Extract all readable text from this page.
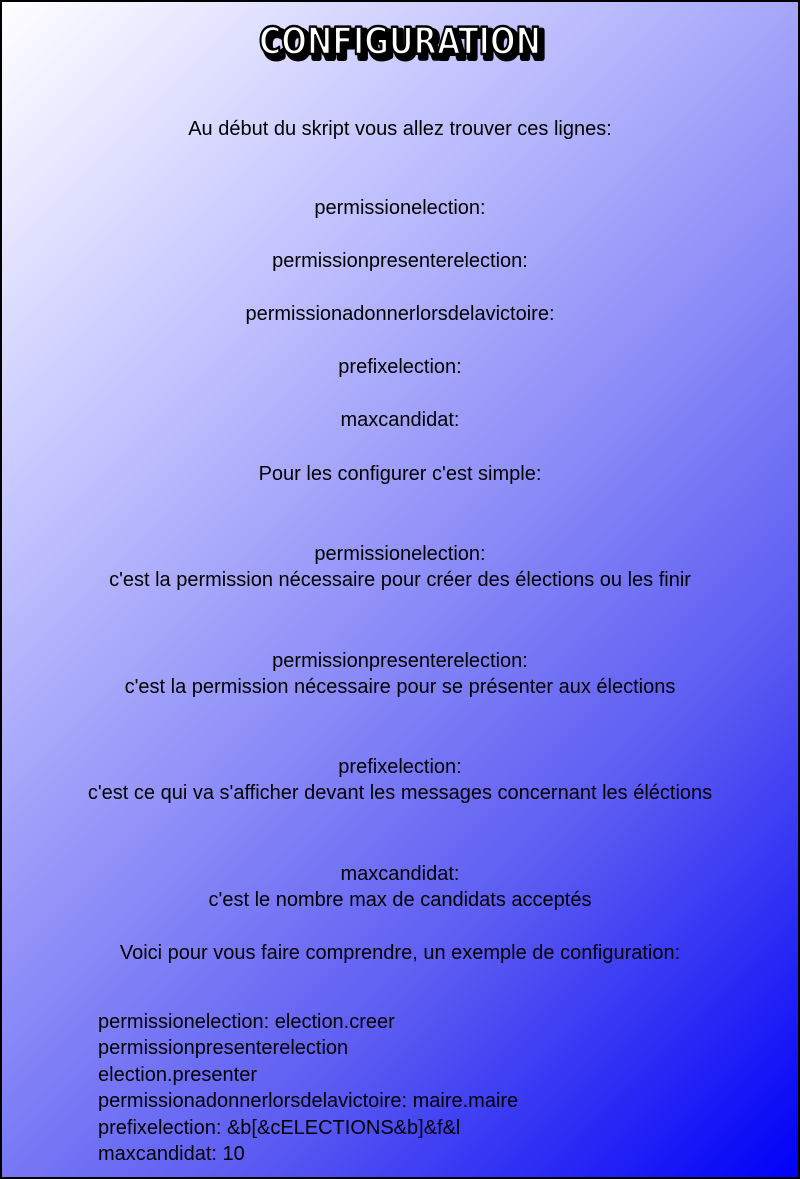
CONFIGURATION
CONFIGURATION
Au début du skript vous allez trouver ces lignes:
permissionelection:
permissionpresenterelection:
permissionadonnerlorsdelavictoire:
prefixelection:
maxcandidat:
Pour les configurer c'est simple:
permissionelection:
c'est la permission nécessaire pour créer des élections ou les finir
permissionpresenterelection:
c'est la permission nécessaire pour se présenter aux élections
prefixelection:
c'est ce qui va s'afficher devant les messages concernant les éléctions
maxcandidat:
c'est le nombre max de candidats acceptés
Voici pour vous faire comprendre, un exemple de configuration:
permissionelection: election.creer
permissionpresenterelection
election.presenter
permissionadonnerlorsdelavictoire: maire.maire
prefixelection: &b[&cELECTIONS&b]&f&l
maxcandidat: 10
